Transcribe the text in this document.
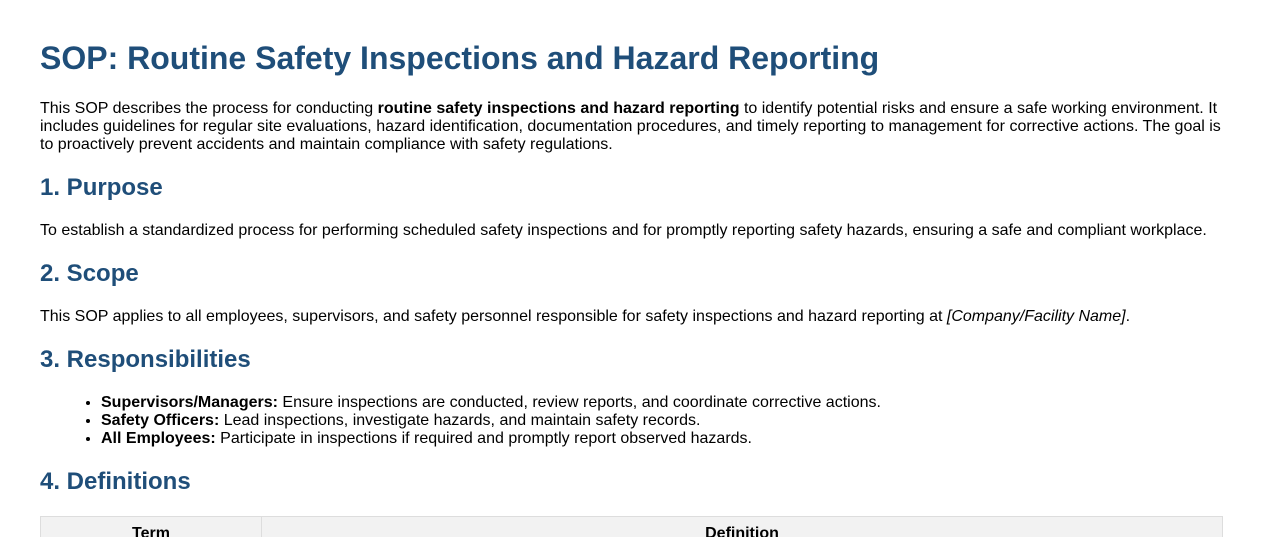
SOP: Routine Safety Inspections and Hazard Reporting

This SOP describes the process for conducting routine safety inspections and hazard reporting to identify potential risks and ensure a safe working environment. It includes guidelines for regular site evaluations, hazard identification, documentation procedures, and timely reporting to management for corrective actions. The goal is to proactively prevent accidents and maintain compliance with safety regulations.

1. Purpose

To establish a standardized process for performing scheduled safety inspections and for promptly reporting safety hazards, ensuring a safe and compliant workplace.

2. Scope

This SOP applies to all employees, supervisors, and safety personnel responsible for safety inspections and hazard reporting at [Company/Facility Name].

3. Responsibilities
• Supervisors/Managers: Ensure inspections are conducted, review reports, and coordinate corrective actions.
• Safety Officers: Lead inspections, investigate hazards, and maintain safety records.
• All Employees: Participate in inspections if required and promptly report observed hazards.
4. Definitions
Term	Definition
